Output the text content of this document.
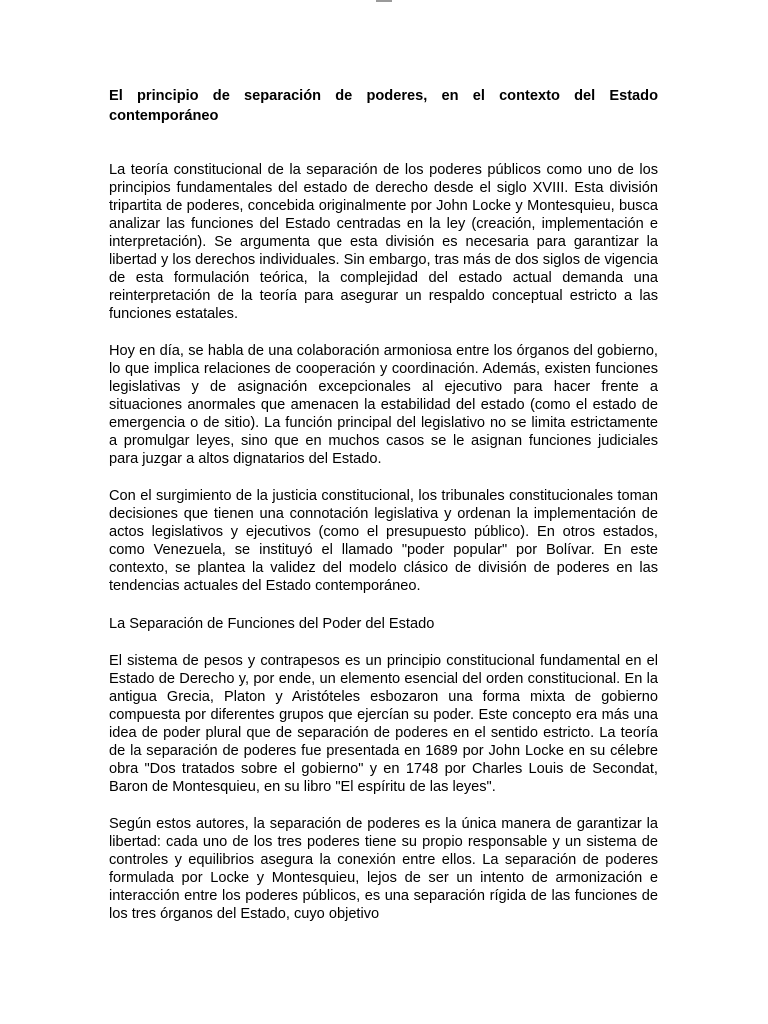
El principio de separación de poderes, en el contexto del Estado contemporáneo

La teoría constitucional de la separación de los poderes públicos como uno de los principios fundamentales del estado de derecho desde el siglo XVIII. Esta división tripartita de poderes, concebida originalmente por John Locke y Montesquieu, busca analizar las funciones del Estado centradas en la ley (creación, implementación e interpretación). Se argumenta que esta división es necesaria para garantizar la libertad y los derechos individuales. Sin embargo, tras más de dos siglos de vigencia de esta formulación teórica, la complejidad del estado actual demanda una reinterpretación de la teoría para asegurar un respaldo conceptual estricto a las funciones estatales.

Hoy en día, se habla de una colaboración armoniosa entre los órganos del gobierno, lo que implica relaciones de cooperación y coordinación. Además, existen funciones legislativas y de asignación excepcionales al ejecutivo para hacer frente a situaciones anormales que amenacen la estabilidad del estado (como el estado de emergencia o de sitio). La función principal del legislativo no se limita estrictamente a promulgar leyes, sino que en muchos casos se le asignan funciones judiciales para juzgar a altos dignatarios del Estado.

Con el surgimiento de la justicia constitucional, los tribunales constitucionales toman decisiones que tienen una connotación legislativa y ordenan la implementación de actos legislativos y ejecutivos (como el presupuesto público). En otros estados, como Venezuela, se instituyó el llamado "poder popular" por Bolívar. En este contexto, se plantea la validez del modelo clásico de división de poderes en las tendencias actuales del Estado contemporáneo.

La Separación de Funciones del Poder del Estado

El sistema de pesos y contrapesos es un principio constitucional fundamental en el Estado de Derecho y, por ende, un elemento esencial del orden constitucional. En la antigua Grecia, Platon y Aristóteles esbozaron una forma mixta de gobierno compuesta por diferentes grupos que ejercían su poder. Este concepto era más una idea de poder plural que de separación de poderes en el sentido estricto. La teoría de la separación de poderes fue presentada en 1689 por John Locke en su célebre obra "Dos tratados sobre el gobierno" y en 1748 por Charles Louis de Secondat, Baron de Montesquieu, en su libro "El espíritu de las leyes".

Según estos autores, la separación de poderes es la única manera de garantizar la libertad: cada uno de los tres poderes tiene su propio responsable y un sistema de controles y equilibrios asegura la conexión entre ellos. La separación de poderes formulada por Locke y Montesquieu, lejos de ser un intento de armonización e interacción entre los poderes públicos, es una separación rígida de las funciones de los tres órganos del Estado, cuyo objetivo
